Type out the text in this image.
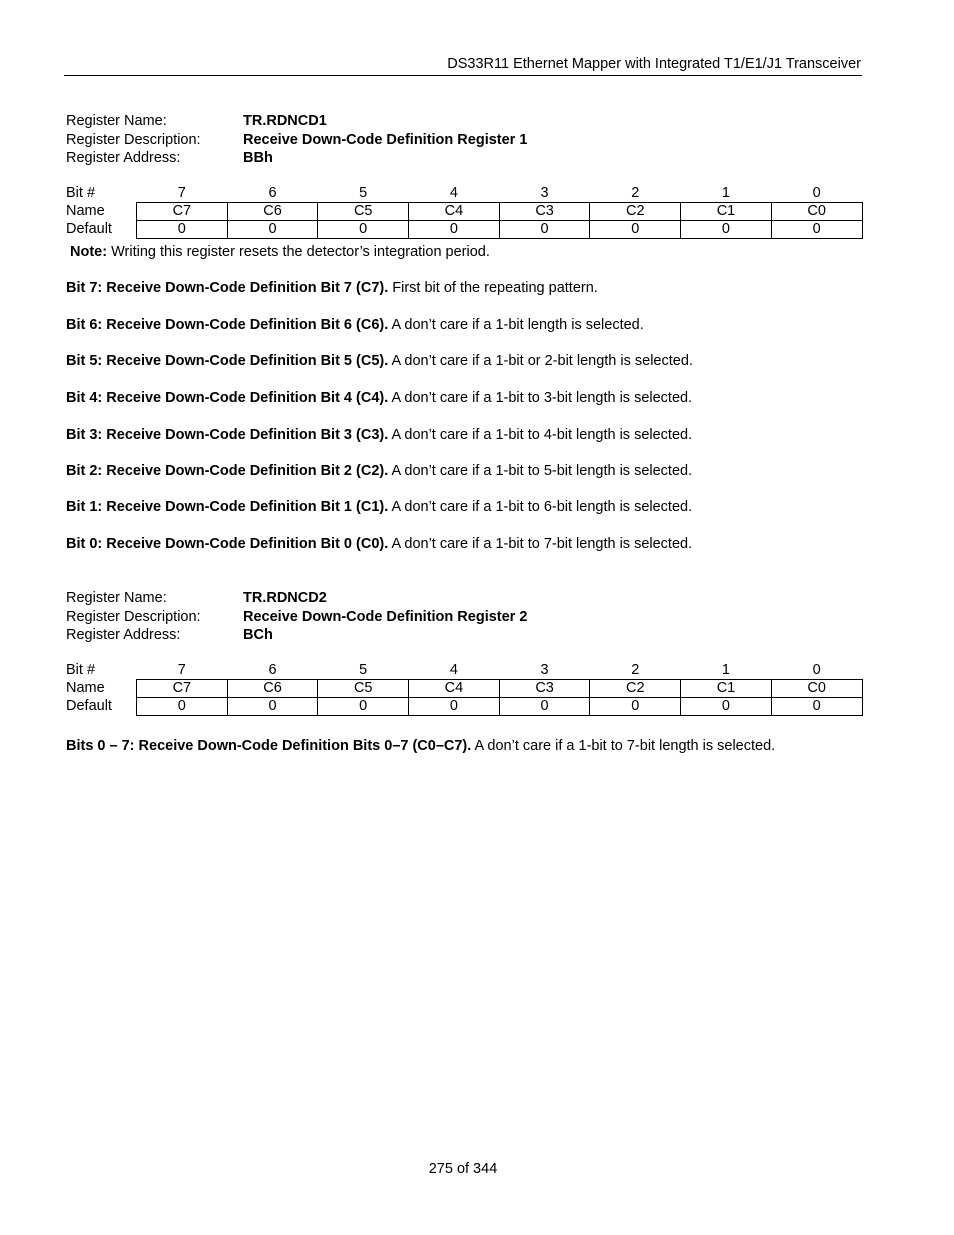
DS33R11 Ethernet Mapper with Integrated T1/E1/J1 Transceiver
Register Name:	TR.RDNCD1
Register Description:	Receive Down-Code Definition Register 1
Register Address:	BBh
Bit #	7	6	5	4	3	2	1	0
Name	C7	C6	C5	C4	C3	C2	C1	C0
Default	0	0	0	0	0	0	0	0
Note: Writing this register resets the detector’s integration period.
Bit 7: Receive Down-Code Definition Bit 7 (C7). First bit of the repeating pattern.
Bit 6: Receive Down-Code Definition Bit 6 (C6). A don’t care if a 1-bit length is selected.
Bit 5: Receive Down-Code Definition Bit 5 (C5). A don’t care if a 1-bit or 2-bit length is selected.
Bit 4: Receive Down-Code Definition Bit 4 (C4). A don’t care if a 1-bit to 3-bit length is selected.
Bit 3: Receive Down-Code Definition Bit 3 (C3). A don’t care if a 1-bit to 4-bit length is selected.
Bit 2: Receive Down-Code Definition Bit 2 (C2). A don’t care if a 1-bit to 5-bit length is selected.
Bit 1: Receive Down-Code Definition Bit 1 (C1). A don’t care if a 1-bit to 6-bit length is selected.
Bit 0: Receive Down-Code Definition Bit 0 (C0). A don’t care if a 1-bit to 7-bit length is selected.
Register Name:	TR.RDNCD2
Register Description:	Receive Down-Code Definition Register 2
Register Address:	BCh
Bit #	7	6	5	4	3	2	1	0
Name	C7	C6	C5	C4	C3	C2	C1	C0
Default	0	0	0	0	0	0	0	0
Bits 0 – 7: Receive Down-Code Definition Bits 0–7 (C0–C7). A don’t care if a 1-bit to 7-bit length is selected.
275 of 344
